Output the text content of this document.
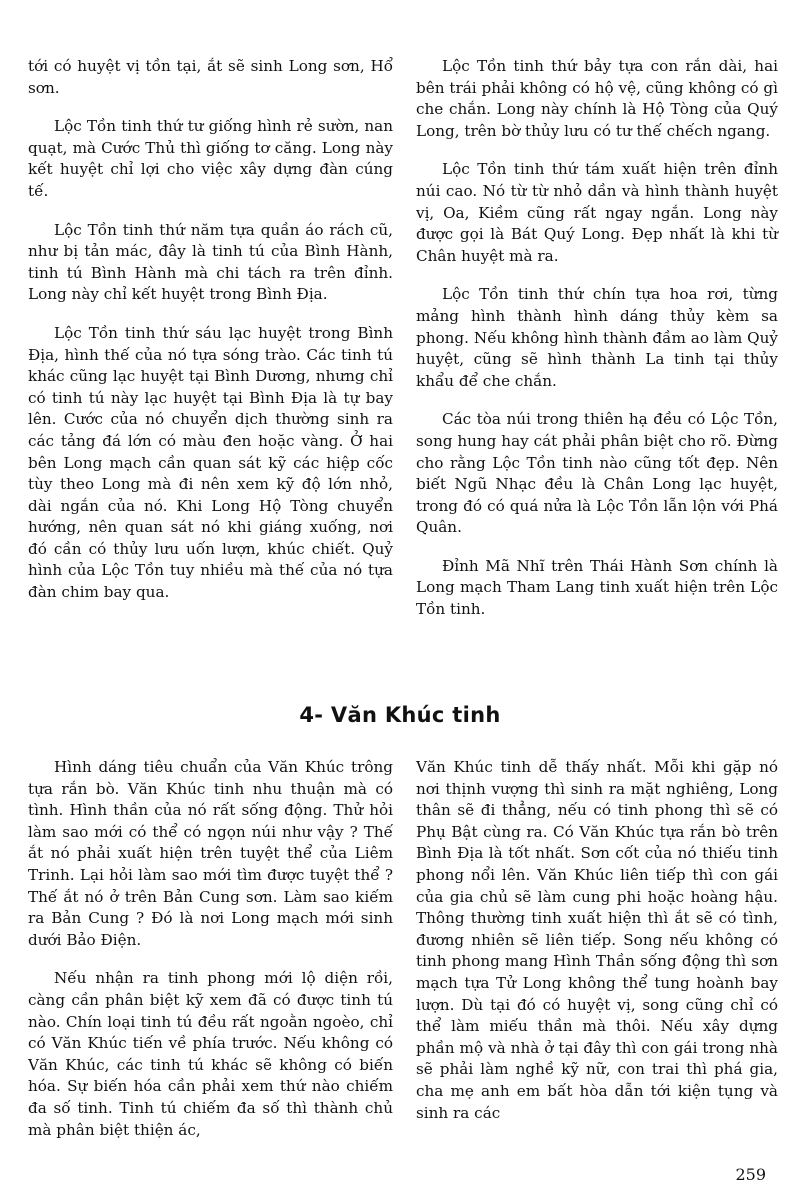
tới có huyệt vị tồn tại, ắt sẽ sinh Long sơn, Hổ sơn.

Lộc Tồn tinh thứ tư giống hình rẻ sườn, nan quạt, mà Cước Thủ thì giống tơ căng. Long này kết huyệt chỉ lợi cho việc xây dựng đàn cúng tế.

Lộc Tồn tinh thứ năm tựa quần áo rách cũ, như bị tản mác, đây là tinh tú của Bình Hành, tinh tú Bình Hành mà chi tách ra trên đỉnh. Long này chỉ kết huyệt trong Bình Địa.

Lộc Tồn tinh thứ sáu lạc huyệt trong Bình Địa, hình thế của nó tựa sóng trào. Các tinh tú khác cũng lạc huyệt tại Bình Dương, nhưng chỉ có tinh tú này lạc huyệt tại Bình Địa là tự bay lên. Cước của nó chuyển dịch thường sinh ra các tảng đá lớn có màu đen hoặc vàng. Ở hai bên Long mạch cần quan sát kỹ các hiệp cốc tùy theo Long mà đi nên xem kỹ độ lớn nhỏ, dài ngắn của nó. Khi Long Hộ Tòng chuyển hướng, nên quan sát nó khi giáng xuống, nơi đó cần có thủy lưu uốn lượn, khúc chiết. Quỷ hình của Lộc Tồn tuy nhiều mà thế của nó tựa đàn chim bay qua.

Lộc Tồn tinh thứ bảy tựa con rắn dài, hai bên trái phải không có hộ vệ, cũng không có gì che chắn. Long này chính là Hộ Tòng của Quý Long, trên bờ thủy lưu có tư thế chếch ngang.

Lộc Tồn tinh thứ tám xuất hiện trên đỉnh núi cao. Nó từ từ nhỏ dần và hình thành huyệt vị, Oa, Kiềm cũng rất ngay ngắn. Long này được gọi là Bát Quý Long. Đẹp nhất là khi từ Chân huyệt mà ra.

Lộc Tồn tinh thứ chín tựa hoa rơi, từng mảng hình thành hình dáng thủy kèm sa phong. Nếu không hình thành đầm ao làm Quỷ huyệt, cũng sẽ hình thành La tinh tại thủy khẩu để che chắn.

Các tòa núi trong thiên hạ đều có Lộc Tồn, song hung hay cát phải phân biệt cho rõ. Đừng cho rằng Lộc Tồn tinh nào cũng tốt đẹp. Nên biết Ngũ Nhạc đều là Chân Long lạc huyệt, trong đó có quá nửa là Lộc Tồn lẫn lộn với Phá Quân.

Đỉnh Mã Nhĩ trên Thái Hành Sơn chính là Long mạch Tham Lang tinh xuất hiện trên Lộc Tồn tinh.

4- Văn Khúc tinh

Hình dáng tiêu chuẩn của Văn Khúc trông tựa rắn bò. Văn Khúc tinh nhu thuận mà có tình. Hình thần của nó rất sống động. Thử hỏi làm sao mới có thể có ngọn núi như vậy ? Thế ắt nó phải xuất hiện trên tuyệt thể của Liêm Trinh. Lại hỏi làm sao mới tìm được tuyệt thể ? Thế ắt nó ở trên Bản Cung sơn. Làm sao kiếm ra Bản Cung ? Đó là nơi Long mạch mới sinh dưới Bảo Điện.

Nếu nhận ra tinh phong mới lộ diện rồi, càng cần phân biệt kỹ xem đã có được tinh tú nào. Chín loại tinh tú đều rất ngoằn ngoèo, chỉ có Văn Khúc tiến về phía trước. Nếu không có Văn Khúc, các tinh tú khác sẽ không có biến hóa. Sự biến hóa cần phải xem thứ nào chiếm đa số tinh. Tinh tú chiếm đa số thì thành chủ mà phân biệt thiện ác,

Văn Khúc tinh dễ thấy nhất. Mỗi khi gặp nó nơi thịnh vượng thì sinh ra mặt nghiêng, Long thân sẽ đi thẳng, nếu có tinh phong thì sẽ có Phụ Bật cùng ra. Có Văn Khúc tựa rắn bò trên Bình Địa là tốt nhất. Sơn cốt của nó thiếu tinh phong nổi lên. Văn Khúc liên tiếp thì con gái của gia chủ sẽ làm cung phi hoặc hoàng hậu. Thông thường tinh xuất hiện thì ắt sẽ có tình, đương nhiên sẽ liên tiếp. Song nếu không có tinh phong mang Hình Thần sống động thì sơn mạch tựa Tử Long không thể tung hoành bay lượn. Dù tại đó có huyệt vị, song cũng chỉ có thể làm miếu thần mà thôi. Nếu xây dựng phần mộ và nhà ở tại đây thì con gái trong nhà sẽ phải làm nghề kỹ nữ, con trai thì phá gia, cha mẹ anh em bất hòa dẫn tới kiện tụng và sinh ra các

259
